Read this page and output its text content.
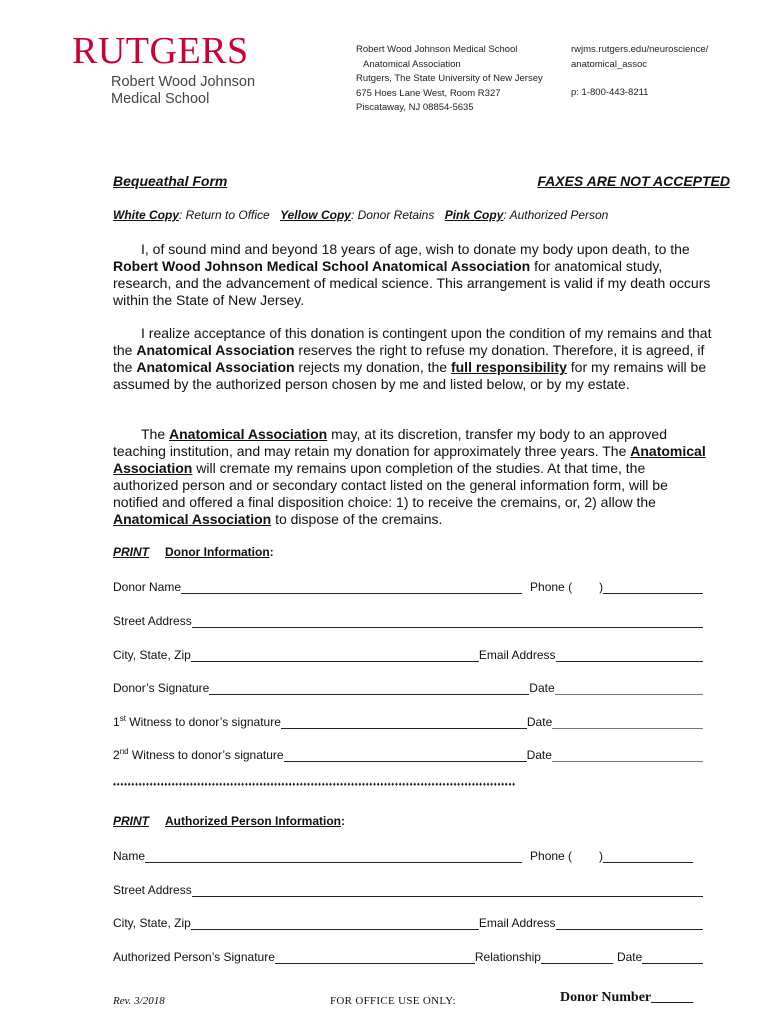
RUTGERS
Robert Wood Johnson
Medical School
Robert Wood Johnson Medical School
Anatomical Association
Rutgers, The State University of New Jersey
675 Hoes Lane West, Room R327
Piscataway, NJ 08854-5635
rwjms.rutgers.edu/neuroscience/
anatomical_assoc
p: 1-800-443-8211
Bequeathal Form	FAXES ARE NOT ACCEPTED
White Copy: Return to Office Yellow Copy: Donor Retains Pink Copy: Authorized Person
I, of sound mind and beyond 18 years of age, wish to donate my body upon death, to the Robert Wood Johnson Medical School Anatomical Association for anatomical study, research, and the advancement of medical science. This arrangement is valid if my death occurs within the State of New Jersey.
I realize acceptance of this donation is contingent upon the condition of my remains and that the Anatomical Association reserves the right to refuse my donation. Therefore, it is agreed, if the Anatomical Association rejects my donation, the full responsibility for my remains will be assumed by the authorized person chosen by me and listed below, or by my estate.
The Anatomical Association may, at its discretion, transfer my body to an approved teaching institution, and may retain my donation for approximately three years. The Anatomical Association will cremate my remains upon completion of the studies. At that time, the authorized person and or secondary contact listed on the general information form, will be notified and offered a final disposition choice: 1) to receive the cremains, or, 2) allow the Anatomical Association to dispose of the cremains.
PRINT Donor Information:
Donor Name	Phone ( )
Street Address
City, State, Zip	Email Address
Donor’s Signature	Date
1st Witness to donor’s signature	Date
2nd Witness to donor’s signature	Date
♦♦♦♦♦♦♦♦♦♦♦♦♦♦♦♦♦♦♦♦♦♦♦♦♦♦♦♦♦♦♦♦♦♦♦♦♦♦♦♦♦♦♦♦♦♦♦♦♦♦♦♦♦♦♦♦♦♦♦♦♦♦♦♦♦♦♦♦♦♦♦♦♦♦♦♦♦♦♦♦♦♦♦♦♦♦♦♦♦♦♦♦♦♦♦♦♦♦♦♦♦♦♦♦♦♦♦♦♦♦
PRINT Authorized Person Information:
Name	Phone ( )
Street Address
City, State, Zip	Email Address
Authorized Person’s Signature	Relationship	Date
Rev. 3/2018	FOR OFFICE USE ONLY:	Donor Number______
